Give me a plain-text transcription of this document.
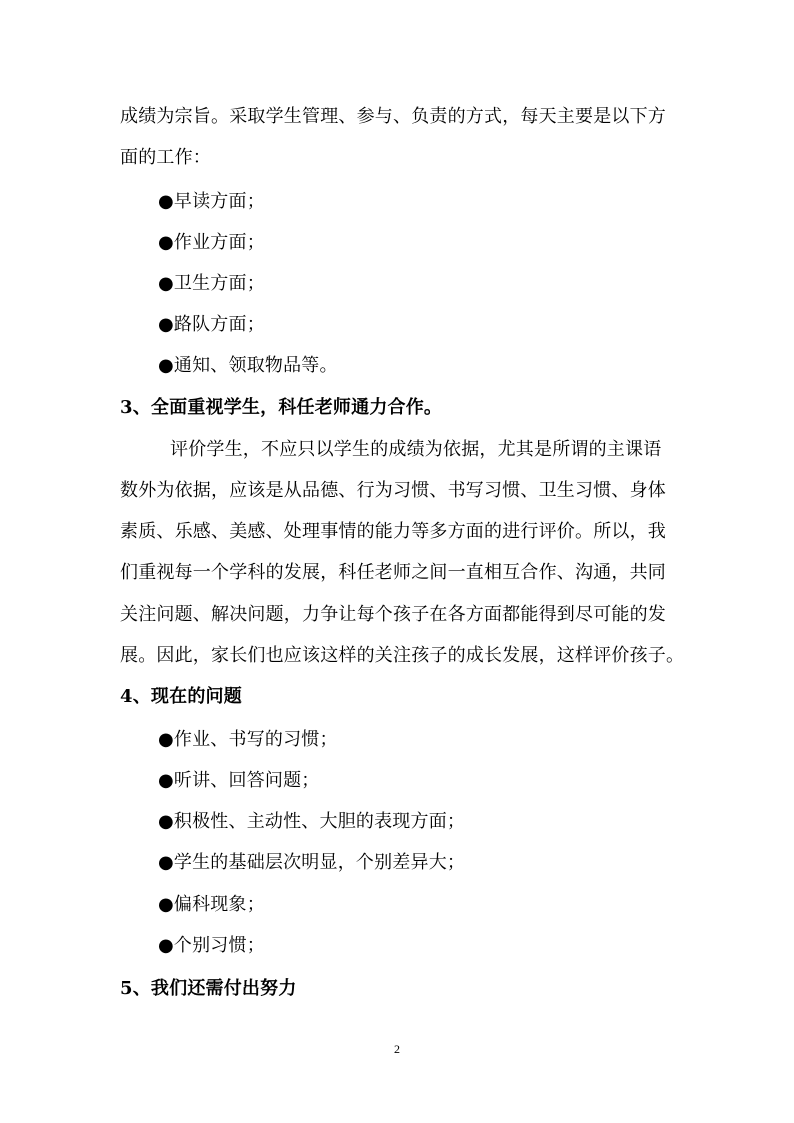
成绩为宗旨。采取学生管理、参与、负责的方式，每天主要是以下方
面的工作：
●早读方面；
●作业方面；
●卫生方面；
●路队方面；
●通知、领取物品等。
3、全面重视学生，科任老师通力合作。
评价学生，不应只以学生的成绩为依据，尤其是所谓的主课语
数外为依据，应该是从品德、行为习惯、书写习惯、卫生习惯、身体
素质、乐感、美感、处理事情的能力等多方面的进行评价。所以，我
们重视每一个学科的发展，科任老师之间一直相互合作、沟通，共同
关注问题、解决问题，力争让每个孩子在各方面都能得到尽可能的发
展。因此，家长们也应该这样的关注孩子的成长发展，这样评价孩子。
4、现在的问题
●作业、书写的习惯；
●听讲、回答问题；
●积极性、主动性、大胆的表现方面；
●学生的基础层次明显，个别差异大；
●偏科现象；
●个别习惯；
5、我们还需付出努力
2
